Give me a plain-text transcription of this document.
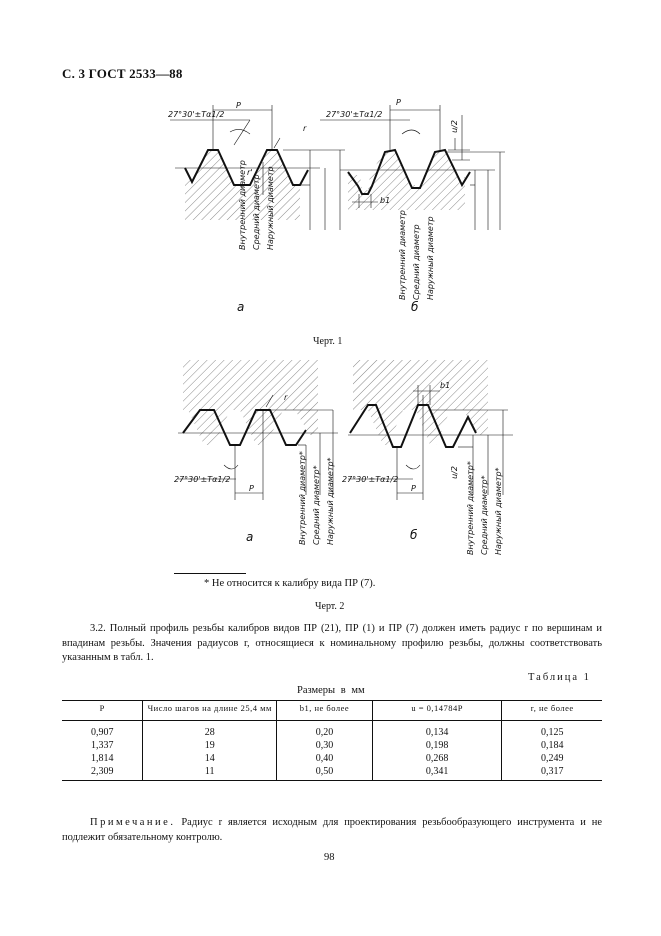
С. 3 ГОСТ 2533—88
27°30'±Tα1/2
P
r
r'
а
27°30'±Tα1/2
P
u/2
b1
б
Внутренний диаметр Средний диаметр Наружный диаметр
Внутренний диаметр Средний диаметр Наружный диаметр
Черт. 1
27°30'±Tα1/2
P
r
а
27°30'±Tα1/2
P
u/2
b1
б
Внутренний диаметр* Средний диаметр* Наружный диаметр*	Внутренний диаметр* Средний диаметр* Наружный диаметр*
* Не относится к калибру вида ПР (7).
Черт. 2
3.2. Полный профиль резьбы калибров видов ПР (21), ПР (1) и ПР (7) должен иметь радиус r по вершинам и впадинам резьбы. Значения радиусов r, относящиеся к номинальному профилю резьбы, должны соответствовать указанным в табл. 1.
Таблица 1
Размеры в мм
P	Число шагов на длине 25,4 мм	b1, не более	u = 0,14784P	r, не более
0,907	28	0,20	0,134	0,125
1,337	19	0,30	0,198	0,184
1,814	14	0,40	0,268	0,249
2,309	11	0,50	0,341	0,317
Примечание. Радиус r является исходным для проектирования резьбообразующего инструмента и не подлежит обязательному контролю.
98
